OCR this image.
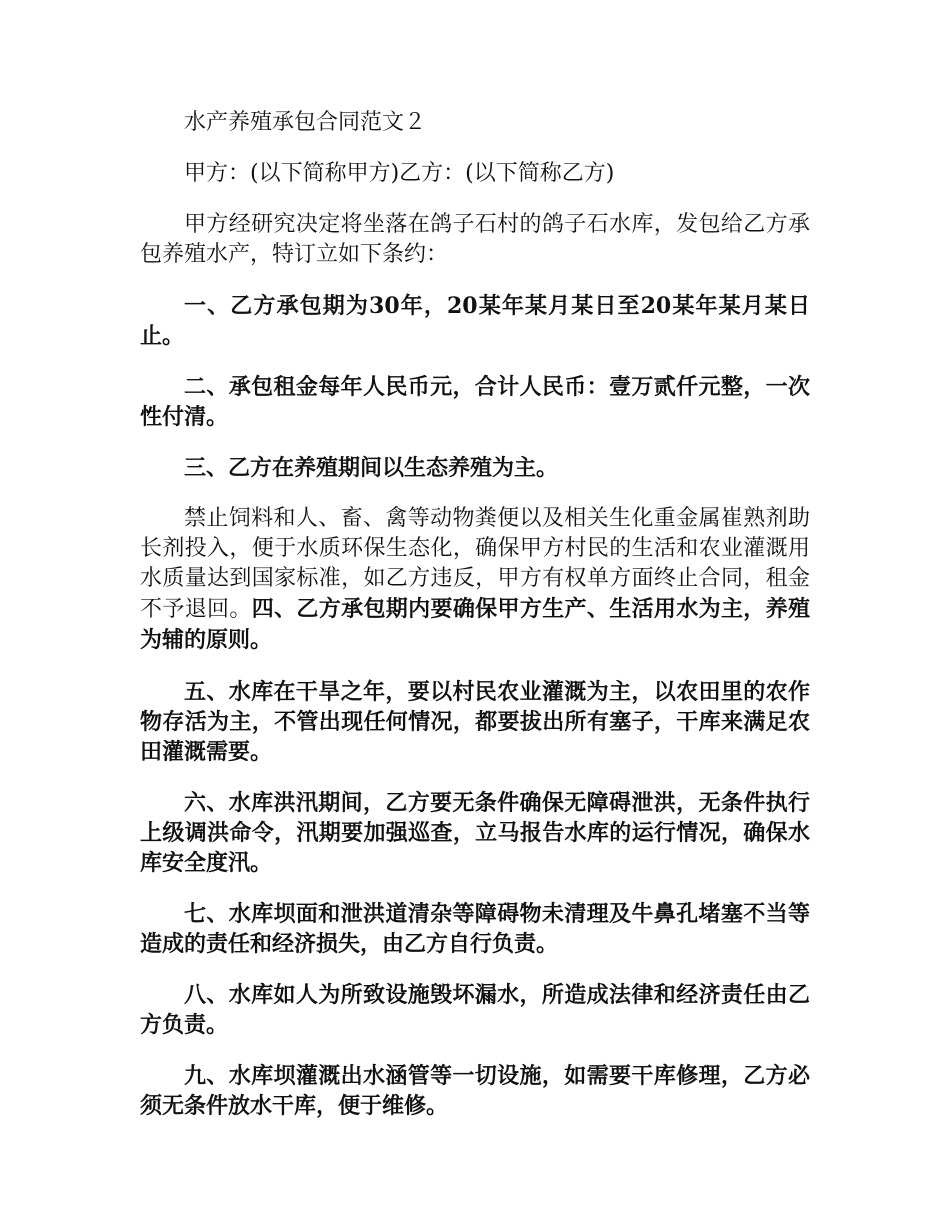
水产养殖承包合同范文２

甲方：(以下简称甲方)乙方：(以下简称乙方)

甲方经研究决定将坐落在鸽子石村的鸽子石水库，发包给乙方承包养殖水产，特订立如下条约：

一、乙方承包期为30年，20某年某月某日至20某年某月某日止。

二、承包租金每年人民币元，合计人民币：壹万贰仟元整，一次性付清。

三、乙方在养殖期间以生态养殖为主。

禁止饲料和人、畜、禽等动物粪便以及相关生化重金属崔熟剂助长剂投入，便于水质环保生态化，确保甲方村民的生活和农业灌溉用水质量达到国家标准，如乙方违反，甲方有权单方面终止合同，租金不予退回。四、乙方承包期内要确保甲方生产、生活用水为主，养殖为辅的原则。

五、水库在干旱之年，要以村民农业灌溉为主，以农田里的农作物存活为主，不管出现任何情况，都要拔出所有塞子，干库来满足农田灌溉需要。

六、水库洪汛期间，乙方要无条件确保无障碍泄洪，无条件执行上级调洪命令，汛期要加强巡查，立马报告水库的运行情况，确保水库安全度汛。

七、水库坝面和泄洪道清杂等障碍物未清理及牛鼻孔堵塞不当等造成的责任和经济损失，由乙方自行负责。

八、水库如人为所致设施毁坏漏水，所造成法律和经济责任由乙方负责。

九、水库坝灌溉出水涵管等一切设施，如需要干库修理，乙方必须无条件放水干库，便于维修。
